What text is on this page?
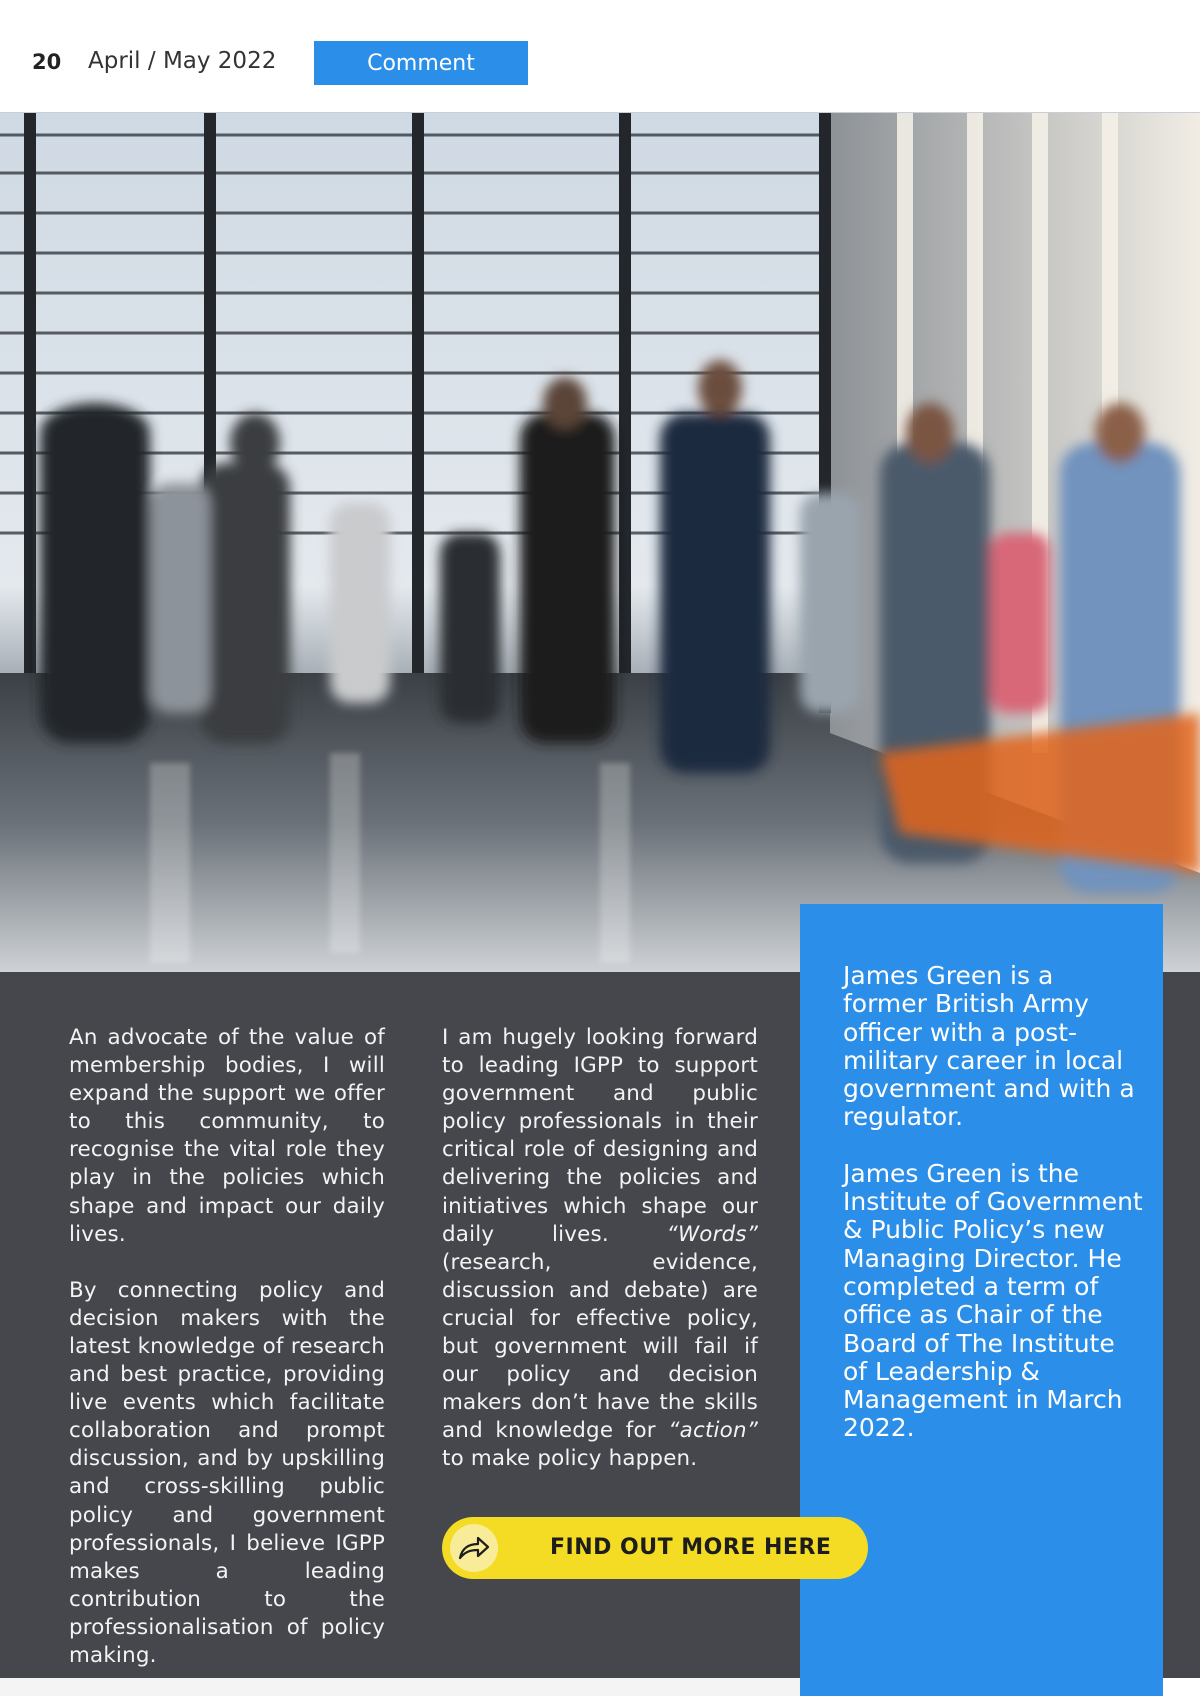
20 April / May 2022	Comment

An advocate of the value of membership bodies, I will expand the support we offer to this community, to recognise the vital role they play in the policies which shape and impact our daily lives.

By connecting policy and decision makers with the latest knowledge of research and best practice, providing live events which facilitate collaboration and prompt discussion, and by upskilling and cross-skilling public policy and government professionals, I believe IGPP makes a leading contribution to the professionalisation of policy making.

I am hugely looking forward to leading IGPP to support government and public policy professionals in their critical role of designing and delivering the policies and initiatives which shape our daily lives.	“Words” (research, evidence, discussion and debate) are crucial for effective policy, but government will fail if our policy and decision makers don’t have the skills and knowledge for “action” to make policy happen.

James Green is a former British Army officer with a post-military career in local government and with a regulator.

James Green is the Institute of Government & Public Policy’s new Managing Director. He completed a term of office as Chair of the Board of The Institute of Leadership & Management in March 2022.

FIND OUT MORE HERE
